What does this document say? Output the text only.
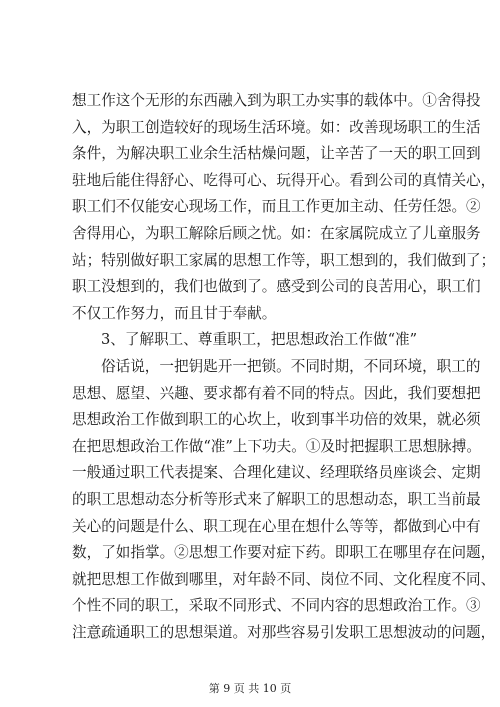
想工作这个无形的东西融入到为职工办实事的载体中。①舍得投
入，为职工创造较好的现场生活环境。如：改善现场职工的生活
条件，为解决职工业余生活枯燥问题，让辛苦了一天的职工回到
驻地后能住得舒心、吃得可心、玩得开心。看到公司的真情关心，
职工们不仅能安心现场工作，而且工作更加主动、任劳任怨。②
舍得用心，为职工解除后顾之忧。如：在家属院成立了儿童服务
站；特别做好职工家属的思想工作等，职工想到的，我们做到了；
职工没想到的，我们也做到了。感受到公司的良苦用心，职工们
不仅工作努力，而且甘于奉献。
3、了解职工、尊重职工，把思想政治工作做“准”
俗话说，一把钥匙开一把锁。不同时期，不同环境，职工的
思想、愿望、兴趣、要求都有着不同的特点。因此，我们要想把
思想政治工作做到职工的心坎上，收到事半功倍的效果，就必须
在把思想政治工作做“准”上下功夫。①及时把握职工思想脉搏。
一般通过职工代表提案、合理化建议、经理联络员座谈会、定期
的职工思想动态分析等形式来了解职工的思想动态，职工当前最
关心的问题是什么、职工现在心里在想什么等等，都做到心中有
数，了如指掌。②思想工作要对症下药。即职工在哪里存在问题，
就把思想工作做到哪里，对年龄不同、岗位不同、文化程度不同、
个性不同的职工，采取不同形式、不同内容的思想政治工作。③
注意疏通职工的思想渠道。对那些容易引发职工思想波动的问题，
第 9 页 共 10 页
